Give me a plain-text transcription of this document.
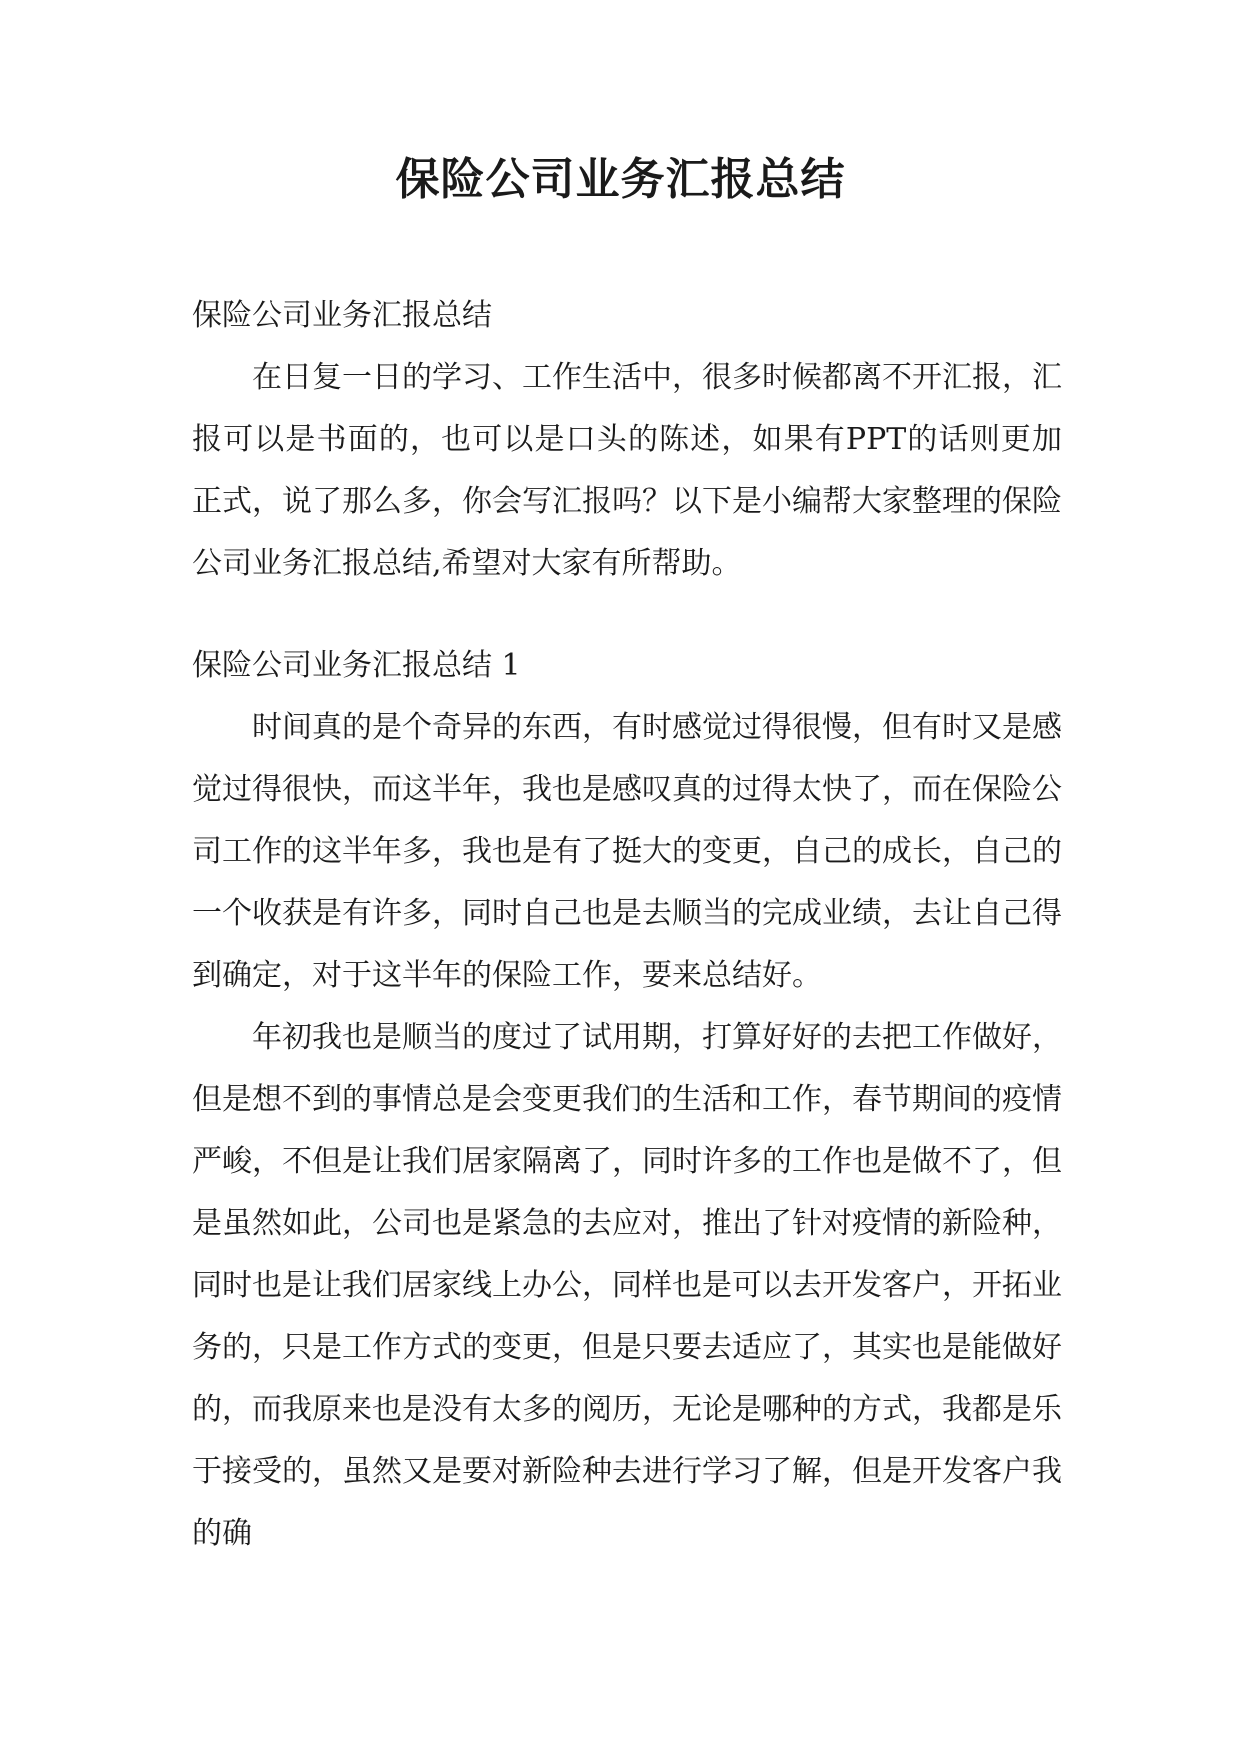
保险公司业务汇报总结

保险公司业务汇报总结

在日复一日的学习、工作生活中，很多时候都离不开汇报，汇报可以是书面的，也可以是口头的陈述，如果有PPT的话则更加正式，说了那么多，你会写汇报吗？以下是小编帮大家整理的保险公司业务汇报总结,希望对大家有所帮助。

保险公司业务汇报总结 1

时间真的是个奇异的东西，有时感觉过得很慢，但有时又是感觉过得很快，而这半年，我也是感叹真的过得太快了，而在保险公司工作的这半年多，我也是有了挺大的变更，自己的成长，自己的一个收获是有许多，同时自己也是去顺当的完成业绩，去让自己得到确定，对于这半年的保险工作，要来总结好。

年初我也是顺当的度过了试用期，打算好好的去把工作做好，但是想不到的事情总是会变更我们的生活和工作，春节期间的疫情严峻，不但是让我们居家隔离了，同时许多的工作也是做不了，但是虽然如此，公司也是紧急的去应对，推出了针对疫情的新险种，同时也是让我们居家线上办公，同样也是可以去开发客户，开拓业务的，只是工作方式的变更，但是只要去适应了，其实也是能做好的，而我原来也是没有太多的阅历，无论是哪种的方式，我都是乐于接受的，虽然又是要对新险种去进行学习了解，但是开发客户我的确
